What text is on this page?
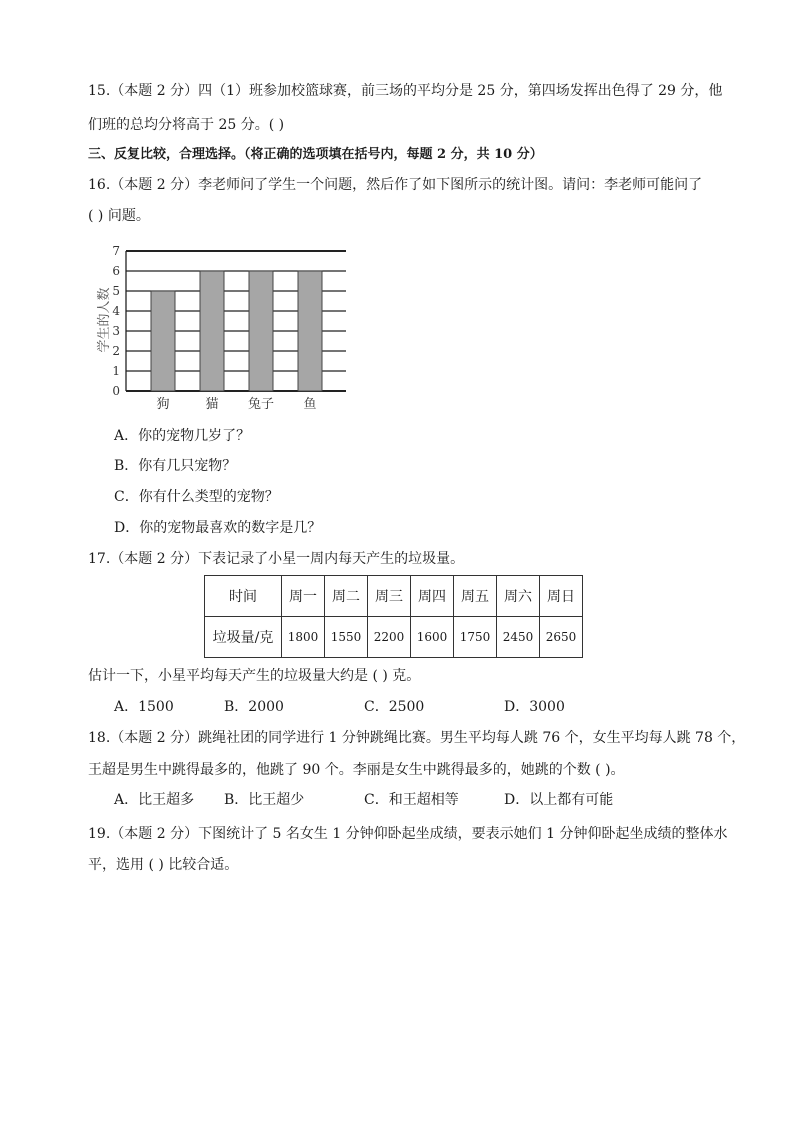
15.（本题 2 分）四（1）班参加校篮球赛，前三场的平均分是 25 分，第四场发挥出色得了 29 分，他
们班的总均分将高于 25 分。( )
三、反复比较，合理选择。（将正确的选项填在括号内，每题 2 分，共 10 分）
16.（本题 2 分）李老师问了学生一个问题，然后作了如下图所示的统计图。请问：李老师可能问了
( ) 问题。
0
1
2
3
4
5
6
7
狗	猫 兔子 鱼
学生的人数
A．你的宠物几岁了？
B．你有几只宠物？
C．你有什么类型的宠物？
D．你的宠物最喜欢的数字是几？
17.（本题 2 分）下表记录了小星一周内每天产生的垃圾量。
时间	周一	周二	周三	周四	周五	周六	周日
垃圾量/克	1800	1550	2200	1600	1750	2450	2650
估计一下，小星平均每天产生的垃圾量大约是 ( ) 克。
A．1500	B．2000	C．2500	D．3000
18.（本题 2 分）跳绳社团的同学进行 1 分钟跳绳比赛。男生平均每人跳 76 个，女生平均每人跳 78 个，
王超是男生中跳得最多的，他跳了 90 个。李丽是女生中跳得最多的，她跳的个数 ( )。
A．比王超多 B．比王超少	C．和王超相等	D．以上都有可能
19.（本题 2 分）下图统计了 5 名女生 1 分钟仰卧起坐成绩，要表示她们 1 分钟仰卧起坐成绩的整体水
平，选用 ( ) 比较合适。
